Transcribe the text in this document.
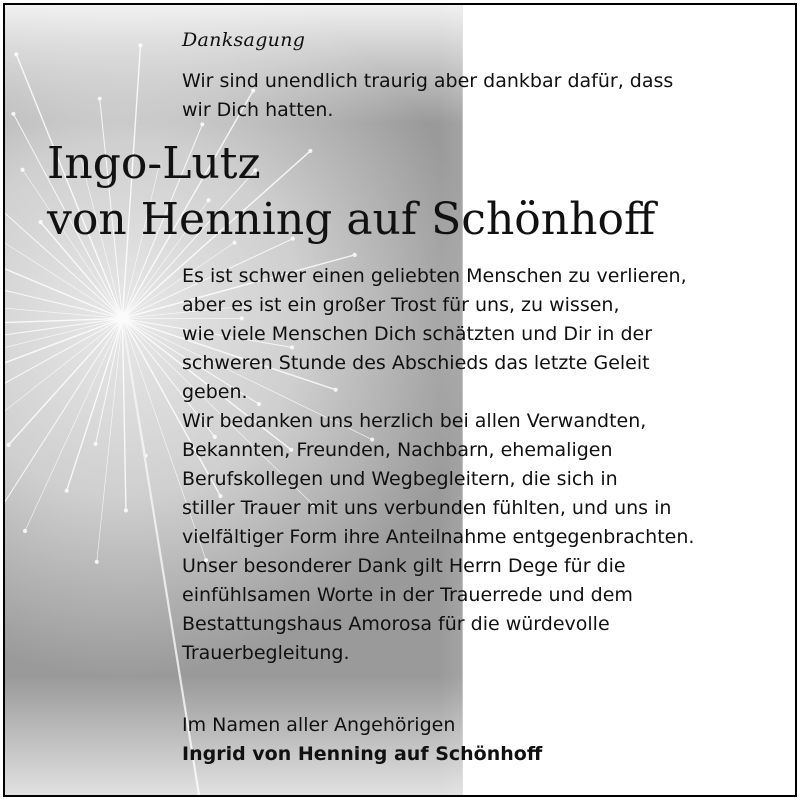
Danksagung
Wir sind unendlich traurig aber dankbar dafür, dass
wir Dich hatten.
Ingo-Lutz
von Henning auf Schönhoff
Es ist schwer einen geliebten Menschen zu verlieren,
aber es ist ein großer Trost für uns, zu wissen,
wie viele Menschen Dich schätzten und Dir in der
schweren Stunde des Abschieds das letzte Geleit
geben.
Wir bedanken uns herzlich bei allen Verwandten,
Bekannten, Freunden, Nachbarn, ehemaligen
Berufskollegen und Wegbegleitern, die sich in
stiller Trauer mit uns verbunden fühlten, und uns in
vielfältiger Form ihre Anteilnahme entgegenbrachten.
Unser besonderer Dank gilt Herrn Dege für die
einfühlsamen Worte in der Trauerrede und dem
Bestattungshaus Amorosa für die würdevolle
Trauerbegleitung.
Im Namen aller Angehörigen
Ingrid von Henning auf Schönhoff
